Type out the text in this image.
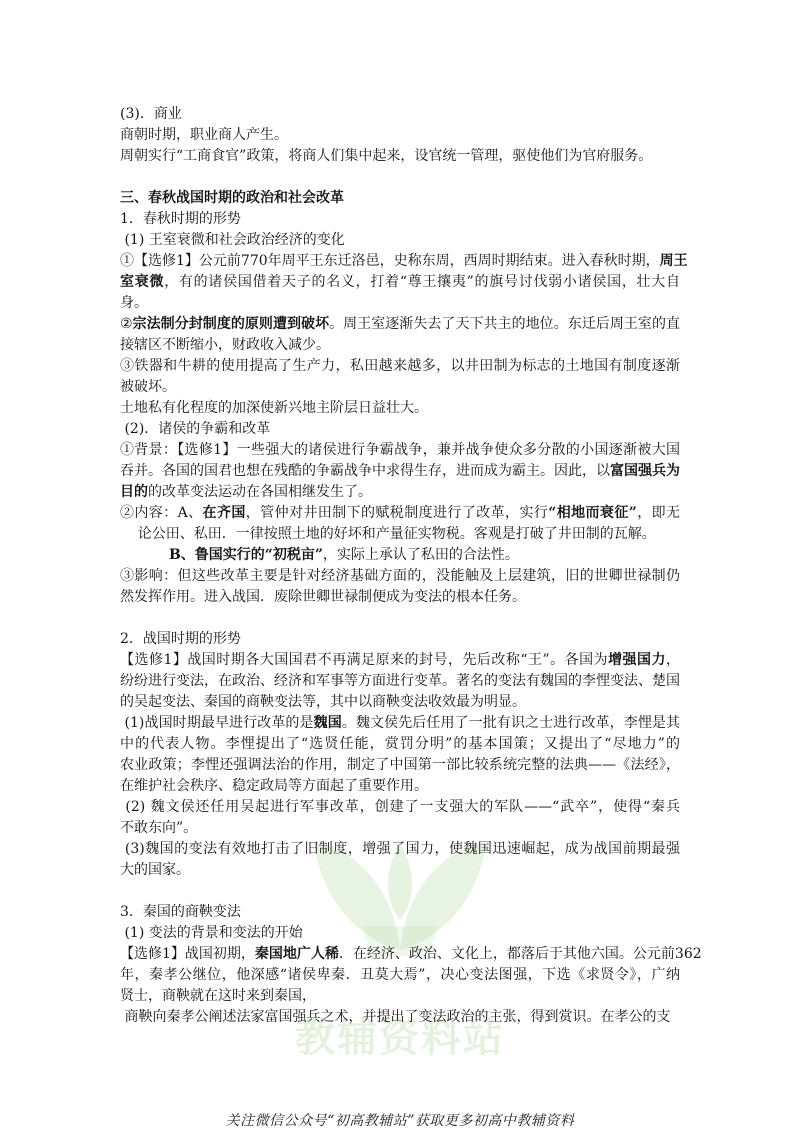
教辅资料站
(3)．商业
商朝时期，职业商人产生。
周朝实行“工商食官”政策，将商人们集中起来，设官统一管理，驱使他们为官府服务。
三、春秋战国时期的政治和社会改革
1．春秋时期的形势
(1) 王室衰微和社会政治经济的变化
①【选修1】公元前770年周平王东迁洛邑，史称东周，西周时期结束。进入春秋时期，周王
室衰微，有的诸侯国借着天子的名义，打着“尊王攘夷”的旗号讨伐弱小诸侯国，壮大自
身。
②宗法制分封制度的原则遭到破坏。周王室逐渐失去了天下共主的地位。东迁后周王室的直
接辖区不断缩小，财政收入减少。
③铁器和牛耕的使用提高了生产力，私田越来越多，以井田制为标志的土地国有制度逐渐
被破坏。
土地私有化程度的加深使新兴地主阶层日益壮大。
(2)．诸侯的争霸和改革
①背景：【选修1】一些强大的诸侯进行争霸战争，兼并战争使众多分散的小国逐渐被大国
吞并。各国的国君也想在残酷的争霸战争中求得生存，进而成为霸主。因此，以富国强兵为
目的的改革变法运动在各国相继发生了。
②内容：A、在齐国，管仲对井田制下的赋税制度进行了改革，实行“相地而衰征”，即无
论公田、私田．一律按照土地的好坏和产量征实物税。客观是打破了井田制的瓦解。
B、鲁国实行的“初税亩”，实际上承认了私田的合法性。
③影响：但这些改革主要是针对经济基础方面的，没能触及上层建筑，旧的世卿世禄制仍
然发挥作用。进入战国．废除世卿世禄制便成为变法的根本任务。
2．战国时期的形势
【选修1】战国时期各大国国君不再满足原来的封号，先后改称“王”。各国为增强国力，
纷纷进行变法，在政治、经济和军事等方面进行变革。著名的变法有魏国的李悝变法、楚国
的吴起变法、秦国的商鞅变法等，其中以商鞅变法收效最为明显。
(1)战国时期最早进行改革的是魏国。魏文侯先后任用了一批有识之士进行改革，李悝是其
中的代表人物。李悝提出了“选贤任能，赏罚分明”的基本国策；又提出了“尽地力”的
农业政策；李悝还强调法治的作用，制定了中国第一部比较系统完整的法典——《法经》，
在维护社会秩序、稳定政局等方面起了重要作用。
(2) 魏文侯还任用吴起进行军事改革，创建了一支强大的军队——“武卒”，使得“秦兵
不敢东向”。
(3)魏国的变法有效地打击了旧制度，增强了国力，使魏国迅速崛起，成为战国前期最强
大的国家。
3．秦国的商鞅变法
(1) 变法的背景和变法的开始
【选修1】战国初期，秦国地广人稀．在经济、政治、文化上，都落后于其他六国。公元前362
年，秦孝公继位，他深感“诸侯卑秦．丑莫大焉”，决心变法图强，下选《求贤令》，广纳
贤士，商鞅就在这时来到秦国，
商鞅向秦孝公阐述法家富国强兵之术，并提出了变法政治的主张，得到赏识。在孝公的支
关注微信公众号“初高教辅站”获取更多初高中教辅资料
